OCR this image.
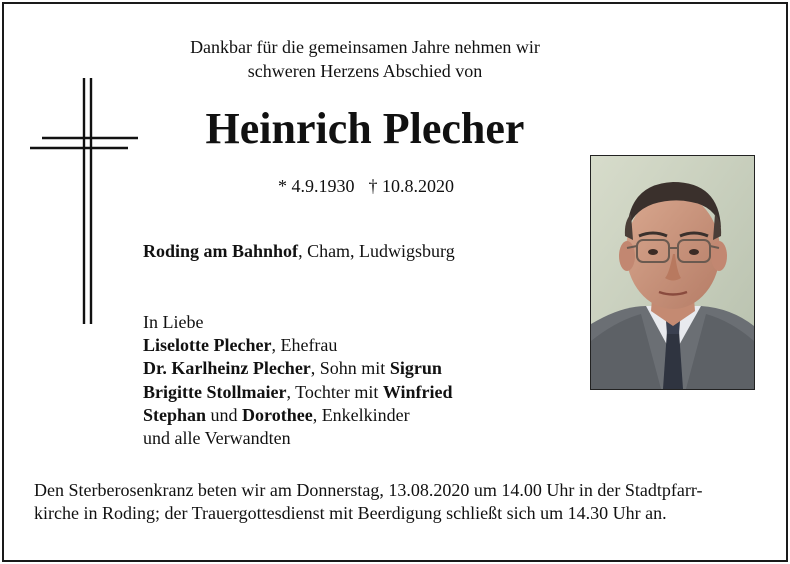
Dankbar für die gemeinsamen Jahre nehmen wir
schweren Herzens Abschied von
Heinrich Plecher
* 4.9.1930 † 10.8.2020
Roding am Bahnhof, Cham, Ludwigsburg
In Liebe
Liselotte Plecher, Ehefrau
Dr. Karlheinz Plecher, Sohn mit Sigrun
Brigitte Stollmaier, Tochter mit Winfried
Stephan und Dorothee, Enkelkinder
und alle Verwandten
Den Sterberosenkranz beten wir am Donnerstag, 13.08.2020 um 14.00 Uhr in der Stadtpfarr-
kirche in Roding; der Trauergottesdienst mit Beerdigung schließt sich um 14.30 Uhr an.
